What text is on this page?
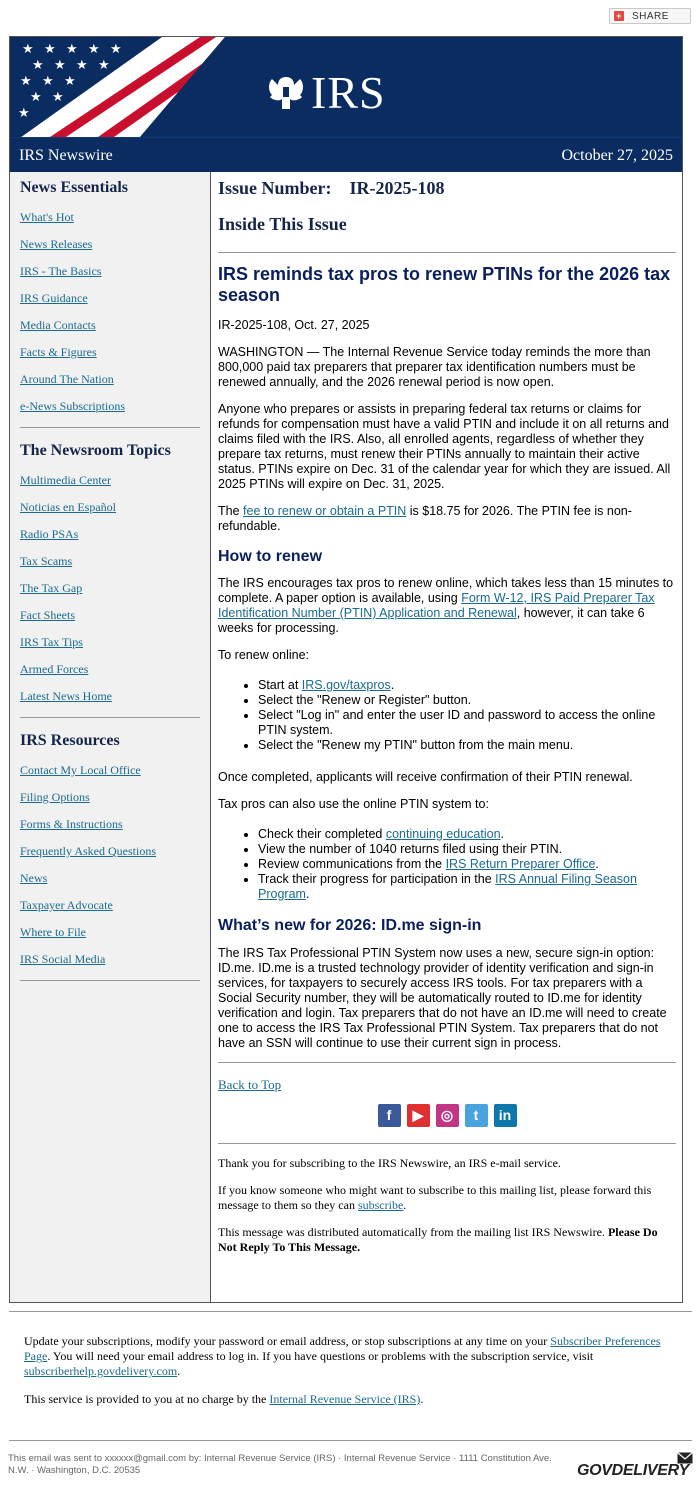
+ SHARE
★ ★ ★ ★ ★
★ ★ ★ ★
★ ★ ★
★ ★
★	IRS
IRS Newswire	October 27, 2025
News Essentials
What's Hot
News Releases
IRS - The Basics
IRS Guidance
Media Contacts
Facts & Figures
Around The Nation
e-News Subscriptions
The Newsroom Topics
Multimedia Center
Noticias en Español
Radio PSAs
Tax Scams
The Tax Gap
Fact Sheets
IRS Tax Tips
Armed Forces
Latest News Home
IRS Resources
Contact My Local Office
Filing Options
Forms & Instructions
Frequently Asked Questions
News
Taxpayer Advocate
Where to File
IRS Social Media
Issue Number: IR-2025-108
Inside This Issue
IRS reminds tax pros to renew PTINs for the 2026 tax season

IR-2025-108, Oct. 27, 2025

WASHINGTON — The Internal Revenue Service today reminds the more than 800,000 paid tax preparers that preparer tax identification numbers must be renewed annually, and the 2026 renewal period is now open.

Anyone who prepares or assists in preparing federal tax returns or claims for refunds for compensation must have a valid PTIN and include it on all returns and claims filed with the IRS. Also, all enrolled agents, regardless of whether they prepare tax returns, must renew their PTINs annually to maintain their active status. PTINs expire on Dec. 31 of the calendar year for which they are issued. All 2025 PTINs will expire on Dec. 31, 2025.

The fee to renew or obtain a PTIN is $18.75 for 2026. The PTIN fee is non-refundable.

How to renew

The IRS encourages tax pros to renew online, which takes less than 15 minutes to complete. A paper option is available, using Form W-12, IRS Paid Preparer Tax Identification Number (PTIN) Application and Renewal, however, it can take 6 weeks for processing.

To renew online:

• Start at IRS.gov/taxpros.
• Select the "Renew or Register" button.
• Select "Log in" and enter the user ID and password to access the online PTIN system.
• Select the "Renew my PTIN" button from the main menu.

Once completed, applicants will receive confirmation of their PTIN renewal.

Tax pros can also use the online PTIN system to:

• Check their completed continuing education.
• View the number of 1040 returns filed using their PTIN.
• Review communications from the IRS Return Preparer Office.
• Track their progress for participation in the IRS Annual Filing Season Program.
What’s new for 2026: ID.me sign-in

The IRS Tax Professional PTIN System now uses a new, secure sign-in option: ID.me. ID.me is a trusted technology provider of identity verification and sign-in services, for taxpayers to securely access IRS tools. For tax preparers with a Social Security number, they will be automatically routed to ID.me for identity verification and login. Tax preparers that do not have an ID.me will need to create one to access the IRS Tax Professional PTIN System. Tax preparers that do not have an SSN will continue to use their current sign in process.

Back to Top
f	▶	◎	t	in
Thank you for subscribing to the IRS Newswire, an IRS e-mail service.
If you know someone who might want to subscribe to this mailing list, please forward this message to them so they can subscribe.
This message was distributed automatically from the mailing list IRS Newswire. Please Do Not Reply To This Message.

Update your subscriptions, modify your password or email address, or stop subscriptions at any time on your Subscriber Preferences Page. You will need your email address to log in. If you have questions or problems with the subscription service, visit subscriberhelp.govdelivery.com.

This service is provided to you at no charge by the Internal Revenue Service (IRS).

This email was sent to xxxxxx@gmail.com by: Internal Revenue Service (IRS) · Internal Revenue Service · 1111 Constitution Ave. N.W. · Washington, D.C. 20535	GOVDELIVERY
